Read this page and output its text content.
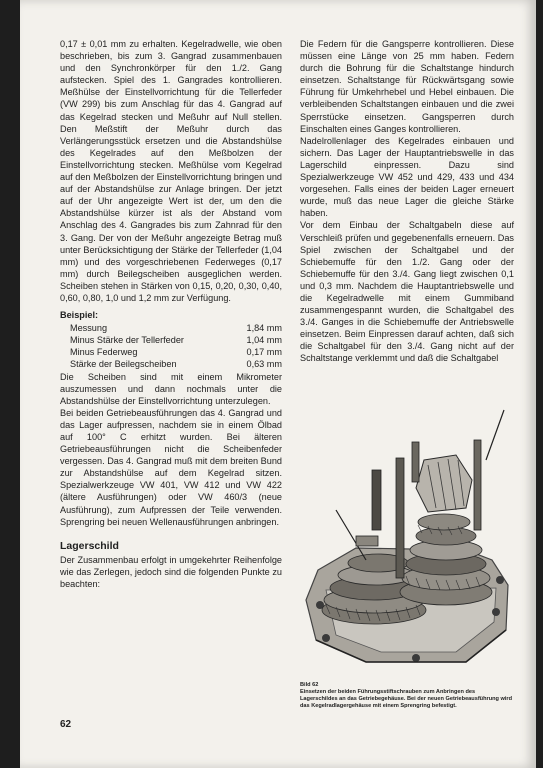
0,17 ± 0,01 mm zu erhalten. Kegelradwelle, wie oben beschrieben, bis zum 3. Gangrad zusammenbauen und den Synchronkörper für den 1./2. Gang aufstecken. Spiel des 1. Gangrades kontrollieren. Meßhülse der Einstellvorrichtung für die Tellerfeder (VW 299) bis zum Anschlag für das 4. Gangrad auf das Kegelrad stecken und Meßuhr auf Null stellen. Den Meßstift der Meßuhr durch das Verlängerungsstück ersetzen und die Abstandshülse des Kegelrades auf den Meßbolzen der Einstellvorrichtung stecken. Meßhülse vom Kegelrad auf den Meßbolzen der Einstellvorrichtung bringen und auf der Abstandshülse zur Anlage bringen. Der jetzt auf der Uhr angezeigte Wert ist der, um den die Abstandshülse kürzer ist als der Abstand vom Anschlag des 4. Gangrades bis zum Zahnrad für den 3. Gang. Der von der Meßuhr angezeigte Betrag muß unter Berücksichtigung der Stärke der Tellerfeder (1,04 mm) und des vorgeschriebenen Federweges (0,17 mm) durch Beilegscheiben ausgeglichen werden. Scheiben stehen in Stärken von 0,15, 0,20, 0,30, 0,40, 0,60, 0,80, 1,0 und 1,2 mm zur Verfügung.

Beispiel:

Messung	1,84 mm
Minus Stärke der Tellerfeder	1,04 mm
Minus Federweg	0,17 mm
Stärke der Beilegscheiben	0,63 mm

Die Scheiben sind mit einem Mikrometer auszumessen und dann nochmals unter die Abstandshülse der Einstellvorrichtung unterzulegen.

Bei beiden Getriebeausführungen das 4. Gangrad und das Lager aufpressen, nachdem sie in einem Ölbad auf 100° C erhitzt wurden. Bei älteren Getriebeausführungen nicht die Scheibenfeder vergessen. Das 4. Gangrad muß mit dem breiten Bund zur Abstandshülse auf dem Kegelrad sitzen. Spezialwerkzeuge VW 401, VW 412 und VW 422 (ältere Ausführungen) oder VW 460/3 (neue Ausführung), zum Aufpressen der Teile verwenden. Sprengring bei neuen Wellenausführungen anbringen.

Lagerschild

Der Zusammenbau erfolgt in umgekehrter Reihenfolge wie das Zerlegen, jedoch sind die folgenden Punkte zu beachten:

Die Federn für die Gangsperre kontrollieren. Diese müssen eine Länge von 25 mm haben. Federn durch die Bohrung für die Schaltstange hindurch einsetzen. Schaltstange für Rückwärtsgang sowie Führung für Umkehrhebel und Hebel einbauen. Die verbleibenden Schaltstangen einbauen und die zwei Sperrstücke einsetzen. Gangsperren durch Einschalten eines Ganges kontrollieren.

Nadelrollenlager des Kegelrades einbauen und sichern. Das Lager der Hauptantriebswelle in das Lagerschild einpressen. Dazu sind Spezialwerkzeuge VW 452 und 429, 433 und 434 vorgesehen. Falls eines der beiden Lager erneuert wurde, muß das neue Lager die gleiche Stärke haben.

Vor dem Einbau der Schaltgabeln diese auf Verschleiß prüfen und gegebenenfalls erneuern. Das Spiel zwischen der Schaltgabel und der Schiebemuffe für den 1./2. Gang oder der Schiebemuffe für den 3./4. Gang liegt zwischen 0,1 und 0,3 mm. Nachdem die Hauptantriebswelle und die Kegelradwelle mit einem Gummiband zusammengespannt wurden, die Schaltgabel des 3./4. Ganges in die Schiebemuffe der Antriebswelle einsetzen. Beim Einpressen darauf achten, daß sich die Schaltgabel für den 3./4. Gang nicht auf der Schaltstange verklemmt und daß die Schaltgabel

Bild 62
Einsetzen der beiden Führungsstiftschrauben zum Anbringen des Lagerschildes an das Getriebegehäuse. Bei der neuen Getriebeausführung wird das Kegelradlagergehäuse mit einem Sprengring befestigt.
62
